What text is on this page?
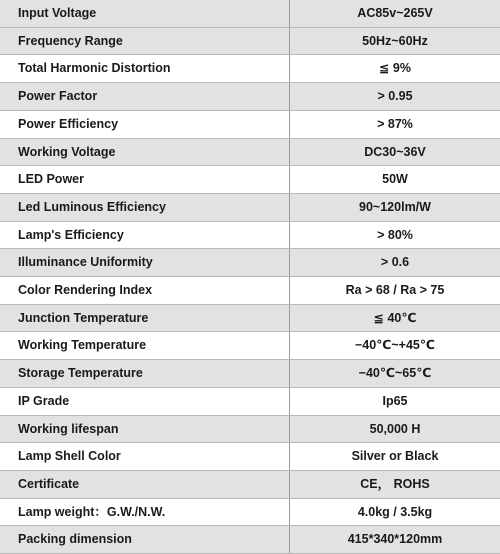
Input Voltage	AC85v~265V
Frequency Range	50Hz~60Hz
Total Harmonic Distortion	≦ 9%
Power Factor	> 0.95
Power Efficiency	> 87%
Working Voltage	DC30~36V
LED Power	50W
Led Luminous Efficiency	90~120lm/W
Lamp's Efficiency	> 80%
Illuminance Uniformity	> 0.6
Color Rendering Index	Ra > 68 / Ra > 75
Junction Temperature	≦ 40℃
Working Temperature	−40℃~+45℃
Storage Temperature	−40℃~65℃
IP Grade	Ip65
Working lifespan	50,000 H
Lamp Shell Color	Silver or Black
Certificate	CE， ROHS
Lamp weight：G.W./N.W.	4.0kg / 3.5kg
Packing dimension	415*340*120mm
